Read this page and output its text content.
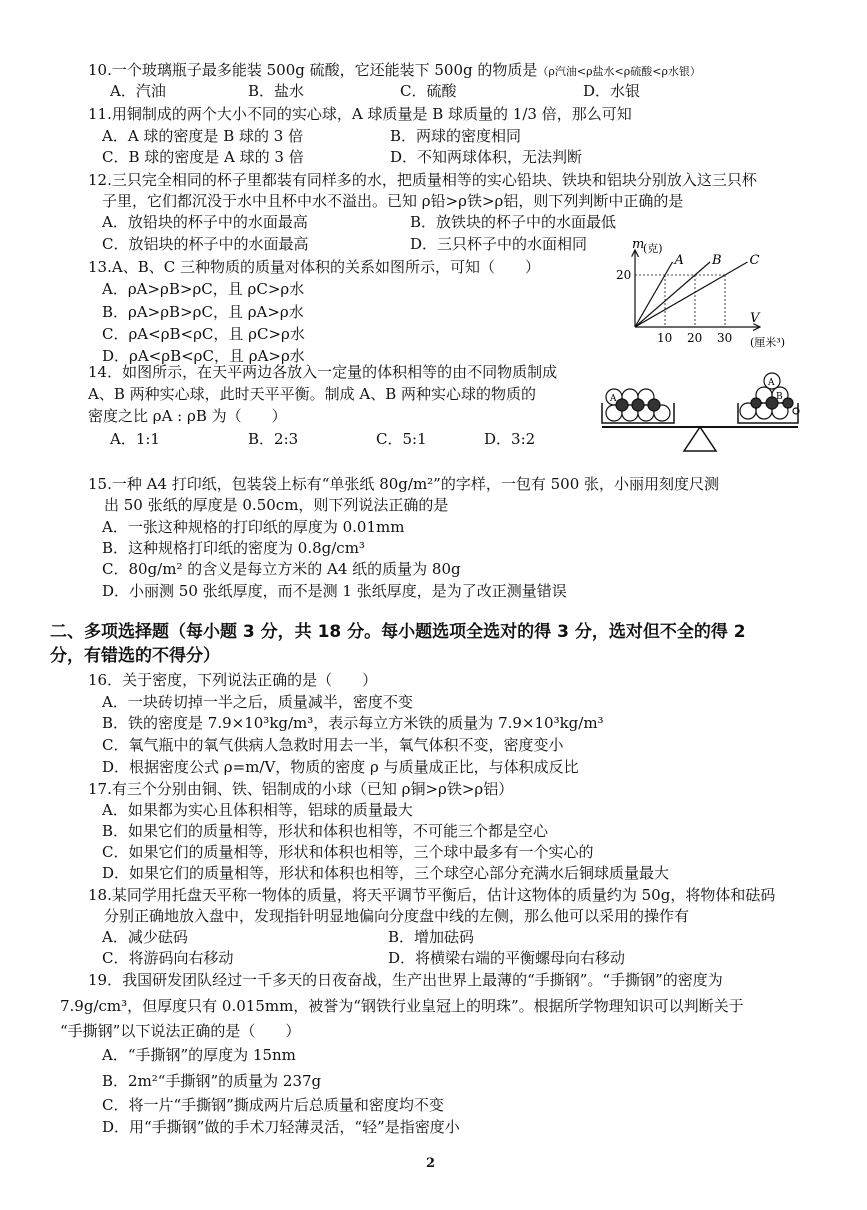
10.一个玻璃瓶子最多能装 500g 硫酸，它还能装下 500g 的物质是（ρ汽油<ρ盐水<ρ硫酸<ρ水银）
A．汽油	B．盐水	C．硫酸	D．水银
11.用铜制成的两个大小不同的实心球，A 球质量是 B 球质量的 1/3 倍，那么可知
A．A 球的密度是 B 球的 3 倍	B．两球的密度相同
C．B 球的密度是 A 球的 3 倍	D．不知两球体积，无法判断
12.三只完全相同的杯子里都装有同样多的水，把质量相等的实心铅块、铁块和铝块分别放入这三只杯
子里，它们都沉没于水中且杯中水不溢出。已知 ρ铅>ρ铁>ρ铝，则下列判断中正确的是
A．放铅块的杯子中的水面最高	B．放铁块的杯子中的水面最低
C．放铝块的杯子中的水面最高	D．三只杯子中的水面相同
13.A、B、C 三种物质的质量对体积的关系如图所示，可知（　　）
A．ρA>ρB>ρC，且 ρC>ρ水
B．ρA>ρB>ρC，且 ρA>ρ水
C．ρA<ρB<ρC，且 ρC>ρ水
D．ρA<ρB<ρC，且 ρA>ρ水
m
(克)
V
(厘米³)
20
10 20 30
A B C
14．如图所示，在天平两边各放入一定量的体积相等的由不同物质制成
A、B 两种实心球，此时天平平衡。制成 A、B 两种实心球的物质的
密度之比 ρA : ρB 为（　　）
A．1:1	B．2:3	C．5:1	D．3:2
A
A
B
15.一种 A4 打印纸，包装袋上标有“单张纸 80g/m²”的字样，一包有 500 张，小丽用刻度尺测
出 50 张纸的厚度是 0.50cm，则下列说法正确的是
A．一张这种规格的打印纸的厚度为 0.01mm
B．这种规格打印纸的密度为 0.8g/cm³
C．80g/m² 的含义是每立方米的 A4 纸的质量为 80g
D．小丽测 50 张纸厚度，而不是测 1 张纸厚度，是为了改正测量错误
二、多项选择题（每小题 3 分，共 18 分。每小题选项全选对的得 3 分，选对但不全的得 2
分，有错选的不得分）
16．关于密度，下列说法正确的是（　　）
A．一块砖切掉一半之后，质量减半，密度不变
B．铁的密度是 7.9×10³kg/m³，表示每立方米铁的质量为 7.9×10³kg/m³
C．氧气瓶中的氧气供病人急救时用去一半，氧气体积不变，密度变小
D．根据密度公式 ρ=m/V，物质的密度 ρ 与质量成正比，与体积成反比
17.有三个分别由铜、铁、铝制成的小球（已知 ρ铜>ρ铁>ρ铝）
A．如果都为实心且体积相等，铝球的质量最大
B．如果它们的质量相等，形状和体积也相等，不可能三个都是空心
C．如果它们的质量相等，形状和体积也相等，三个球中最多有一个实心的
D．如果它们的质量相等，形状和体积也相等，三个球空心部分充满水后铜球质量最大
18.某同学用托盘天平称一物体的质量，将天平调节平衡后，估计这物体的质量约为 50g，将物体和砝码
分别正确地放入盘中，发现指针明显地偏向分度盘中线的左侧，那么他可以采用的操作有
A．减少砝码	B．增加砝码
C．将游码向右移动	D．将横梁右端的平衡螺母向右移动
19．我国研发团队经过一千多天的日夜奋战，生产出世界上最薄的“手撕钢”。“手撕钢”的密度为
7.9g/cm³，但厚度只有 0.015mm，被誉为“钢铁行业皇冠上的明珠”。根据所学物理知识可以判断关于
“手撕钢”以下说法正确的是（　　）
A．“手撕钢”的厚度为 15nm
B．2m²“手撕钢”的质量为 237g
C．将一片“手撕钢”撕成两片后总质量和密度均不变
D．用“手撕钢”做的手术刀轻薄灵活，“轻”是指密度小
2
